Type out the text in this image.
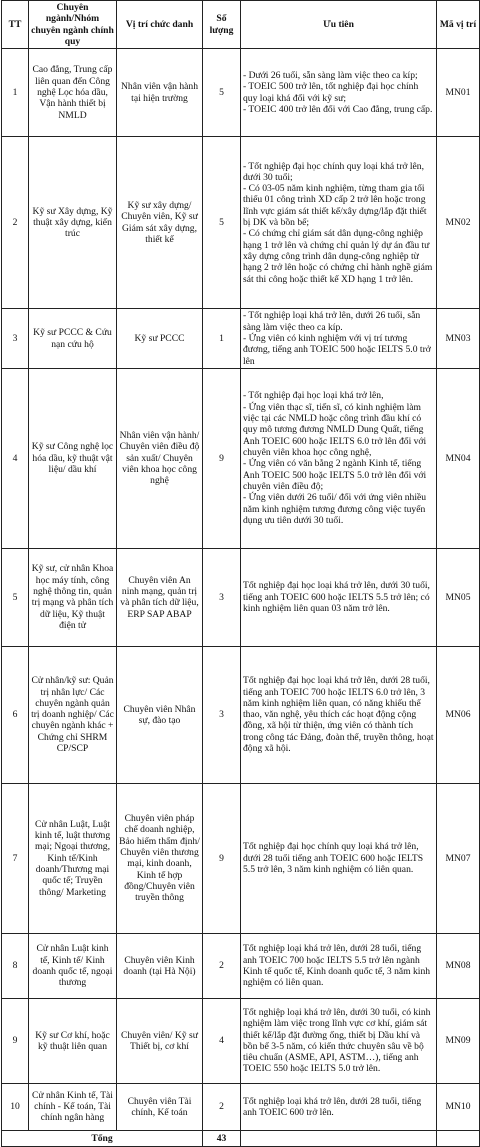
TT	Chuyên ngành/Nhóm chuyên ngành chính quy	Vị trí chức danh	Số lượng	Ưu tiên	Mã vị trí
1	Cao đẳng, Trung cấp liên quan đến Công nghệ Lọc hóa dầu, Vận hành thiết bị NMLD	Nhân viên vận hành tại hiện trường	5	- Dưới 26 tuổi, sẵn sàng làm việc theo ca kíp;
- TOEIC 500 trở lên, tốt nghiệp đại học chính quy loại khá đối với kỹ sư;
- TOEIC 400 trở lên đối với Cao đẳng, trung cấp.	MN01
2	Kỹ sư Xây dựng, Kỹ thuật xây dựng, kiến trúc	Kỹ sư xây dựng/ Chuyên viên, Kỹ sư Giám sát xây dựng, thiết kế	5	- Tốt nghiệp đại học chính quy loại khá trở lên, dưới 30 tuổi;
- Có 03-05 năm kinh nghiệm, từng tham gia tối thiểu 01 công trình XD cấp 2 trở lên hoặc trong lĩnh vực giám sát thiết kế/xây dựng/lắp đặt thiết bị DK và bồn bể;
- Có chứng chỉ giám sát dân dụng-công nghiệp hạng 1 trở lên và chứng chỉ quản lý dự án đầu tư xây dựng công trình dân dụng-công nghiệp từ hạng 2 trở lên hoặc có chứng chỉ hành nghề giám sát thi công hoặc thiết kế XD hạng 1 trở lên.	MN02
3	Kỹ sư PCCC & Cứu nạn cứu hộ	Kỹ sư PCCC	1	- Tốt nghiệp loại khá trở lên, dưới 26 tuổi, sẵn sàng làm việc theo ca kíp.
- Ứng viên có kinh nghiệm với vị trí tương đương, tiếng anh TOEIC 500 hoặc IELTS 5.0 trở lên	MN03
4	Kỹ sư Công nghệ lọc hóa dầu, kỹ thuật vật liệu/ dầu khí	Nhân viên vận hành/ Chuyên viên điều độ sản xuất/ Chuyên viên khoa học công nghệ	9	- Tốt nghiệp đại học loại khá trở lên,
- Ứng viên thạc sĩ, tiến sĩ, có kinh nghiệm làm việc tại các NMLD hoặc công trình đầu khí có quy mô tương đương NMLD Dung Quất, tiếng Anh TOEIC 600 hoặc IELTS 6.0 trở lên đối với chuyên viên khoa học công nghệ,
- Ứng viên có văn bằng 2 ngành Kinh tế, tiếng Anh TOEIC 500 hoặc IELTS 5.0 trở lên đối với chuyên viên điều độ;
- Ứng viên dưới 26 tuổi/ đối với ứng viên nhiều năm kinh nghiệm tương đương công việc tuyển dụng ưu tiên dưới 30 tuổi.	MN04
5	Kỹ sư, cử nhân Khoa học máy tính, công nghệ thông tin, quản trị mạng và phân tích dữ liệu, Kỹ thuật điện tử	Chuyên viên An ninh mạng, quản trị và phân tích dữ liệu, ERP SAP ABAP	3	Tốt nghiệp đại học loại khá trở lên, dưới 30 tuổi, tiếng anh TOEIC 600 hoặc IELTS 5.5 trở lên; có kinh nghiệm liên quan 03 năm trở lên.	MN05
6	Cử nhân/kỹ sư: Quản trị nhân lực/ Các chuyên ngành quản trị doanh nghiệp/ Các chuyên ngành khác + Chứng chỉ SHRM CP/SCP	Chuyên viên Nhân sự, đào tạo	3	Tốt nghiệp đại học loại khá trở lên, dưới 28 tuổi, tiếng anh TOEIC 700 hoặc IELTS 6.0 trở lên, 3 năm kinh nghiệm liên quan, có năng khiếu thể thao, văn nghệ, yêu thích các hoạt động cộng đồng, xã hội từ thiện, ứng viên có thành tích trong công tác Đảng, đoàn thể, truyền thông, hoạt động xã hội.	MN06
7	Cử nhân Luật, Luật kinh tế, luật thương mại; Ngoại thương, Kinh tế/Kinh doanh/Thương mại quốc tế; Truyền thông/ Marketing	Chuyên viên pháp chế doanh nghiệp, Bảo hiểm thẩm định/ Chuyên viên thương mại, kinh doanh, Kinh tế hợp đồng/Chuyên viên truyền thông	9	Tốt nghiệp đại học chính quy loại khá trở lên, dưới 28 tuổi tiếng anh TOEIC 600 hoặc IELTS 5.5 trở lên, 3 năm kinh nghiệm có liên quan.	MN07
8	Cử nhân Luật kinh tế, Kinh tế/ Kinh doanh quốc tế, ngoại thương	Chuyên viên Kinh doanh (tại Hà Nội)	2	Tốt nghiệp loại khá trở lên, dưới 28 tuổi, tiếng anh TOEIC 700 hoặc IELTS 5.5 trở lên ngành Kinh tế quốc tế, Kinh doanh quốc tế, 3 năm kinh nghiệm có liên quan.	MN08
9	Kỹ sư Cơ khí, hoặc kỹ thuật liên quan	Chuyên viên/ Kỹ sư Thiết bị, cơ khí	4	Tốt nghiệp loại khá trở lên, dưới 30 tuổi, có kinh nghiệm làm việc trong lĩnh vực cơ khí, giám sát thiết kế/lắp đặt đường ống, thiết bị Dầu khí và bồn bể 3-5 năm, có kiến thức chuyên sâu về bộ tiêu chuẩn (ASME, API, ASTM…), tiếng anh TOEIC 550 hoặc IELTS 5.0 trở lên.	MN09
10	Cử nhân Kinh tế, Tài chính - Kế toán, Tài chính ngân hàng	Chuyên viên Tài chính, Kế toán	2	Tốt nghiệp loại khá trở lên, dưới 28 tuổi, tiếng anh TOEIC 600 trở lên.	MN10
Tổng			43		
